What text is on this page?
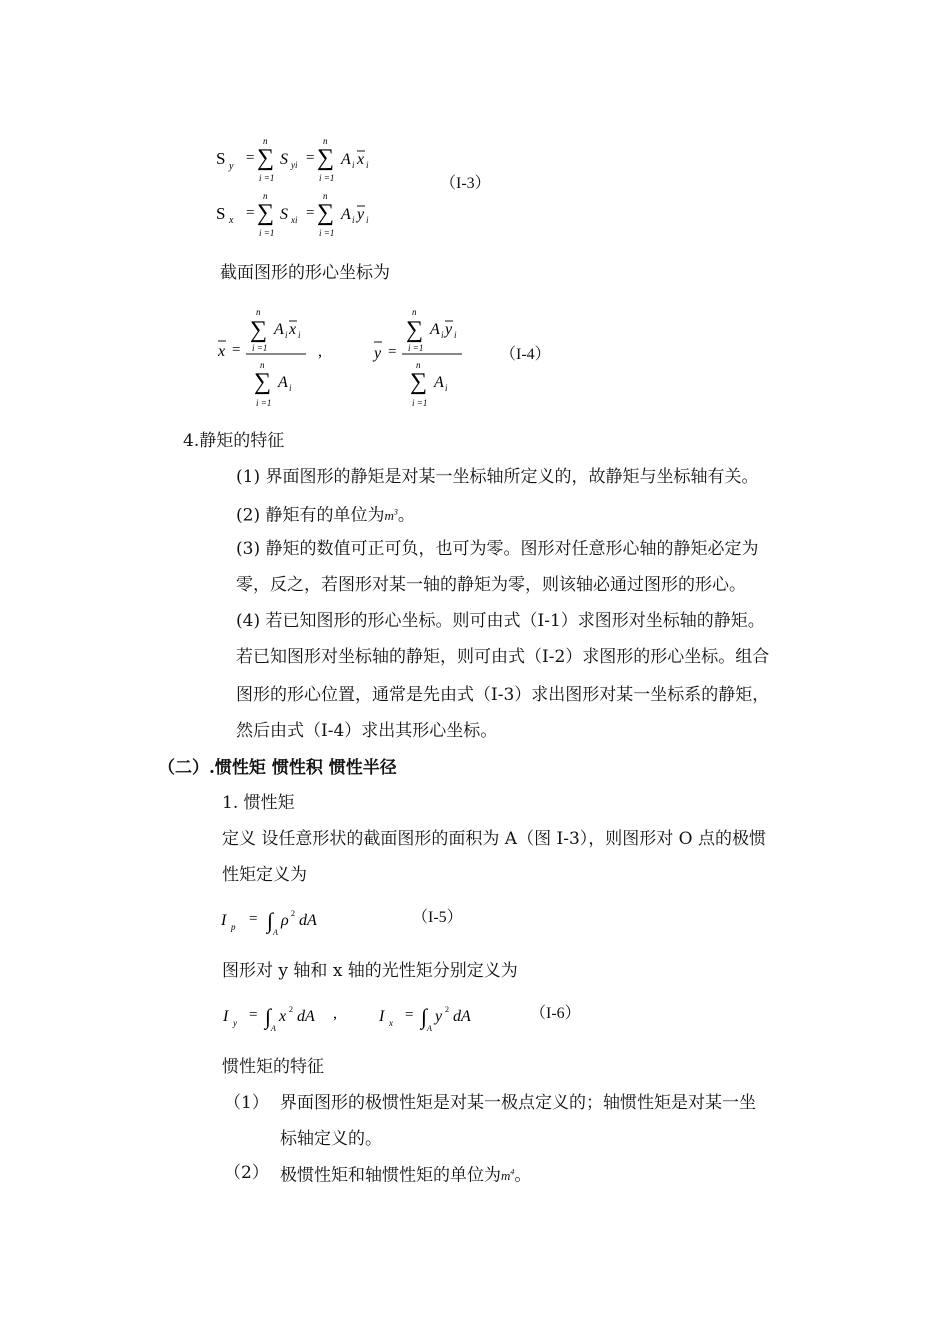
S y
= ∑
n
i =1
S yi = ∑
n
i =1
A i x i
S x = ∑
n
i =1
S xi = ∑
n
i =1
A i y i
（I-3）
截面图形的形心坐标为
x =
∑
n
i =1
A i x i
∑
n
i =1
A i
,	y =
∑
n
i =1
A i y i
∑
n
i =1
A i
（I-4）
4.静矩的特征
(1) 界面图形的静矩是对某一坐标轴所定义的，故静矩与坐标轴有关。
(2) 静矩有的单位为$m^3$。
(3) 静矩的数值可正可负，也可为零。图形对任意形心轴的静矩必定为
零，反之，若图形对某一轴的静矩为零，则该轴必通过图形的形心。
(4) 若已知图形的形心坐标。则可由式（I-1）求图形对坐标轴的静矩。
若已知图形对坐标轴的静矩，则可由式（I-2）求图形的形心坐标。组合
图形的形心位置，通常是先由式（I-3）求出图形对某一坐标系的静矩，
然后由式（I-4）求出其形心坐标。
（二）.惯性矩 惯性积 惯性半径
1. 惯性矩
定义 设任意形状的截面图形的面积为 A（图 I-3），则图形对 O 点的极惯
性矩定义为
I p = ∫ A
ρ 2 dA	（I-5）
图形对 y 轴和 x 轴的光性矩分别定义为
I y = ∫ A
x 2 dA ,	I x = ∫ A
y 2 dA	（I-6）
惯性矩的特征
（1） 界面图形的极惯性矩是对某一极点定义的；轴惯性矩是对某一坐
标轴定义的。
（2） 极惯性矩和轴惯性矩的单位为$m^4$。
